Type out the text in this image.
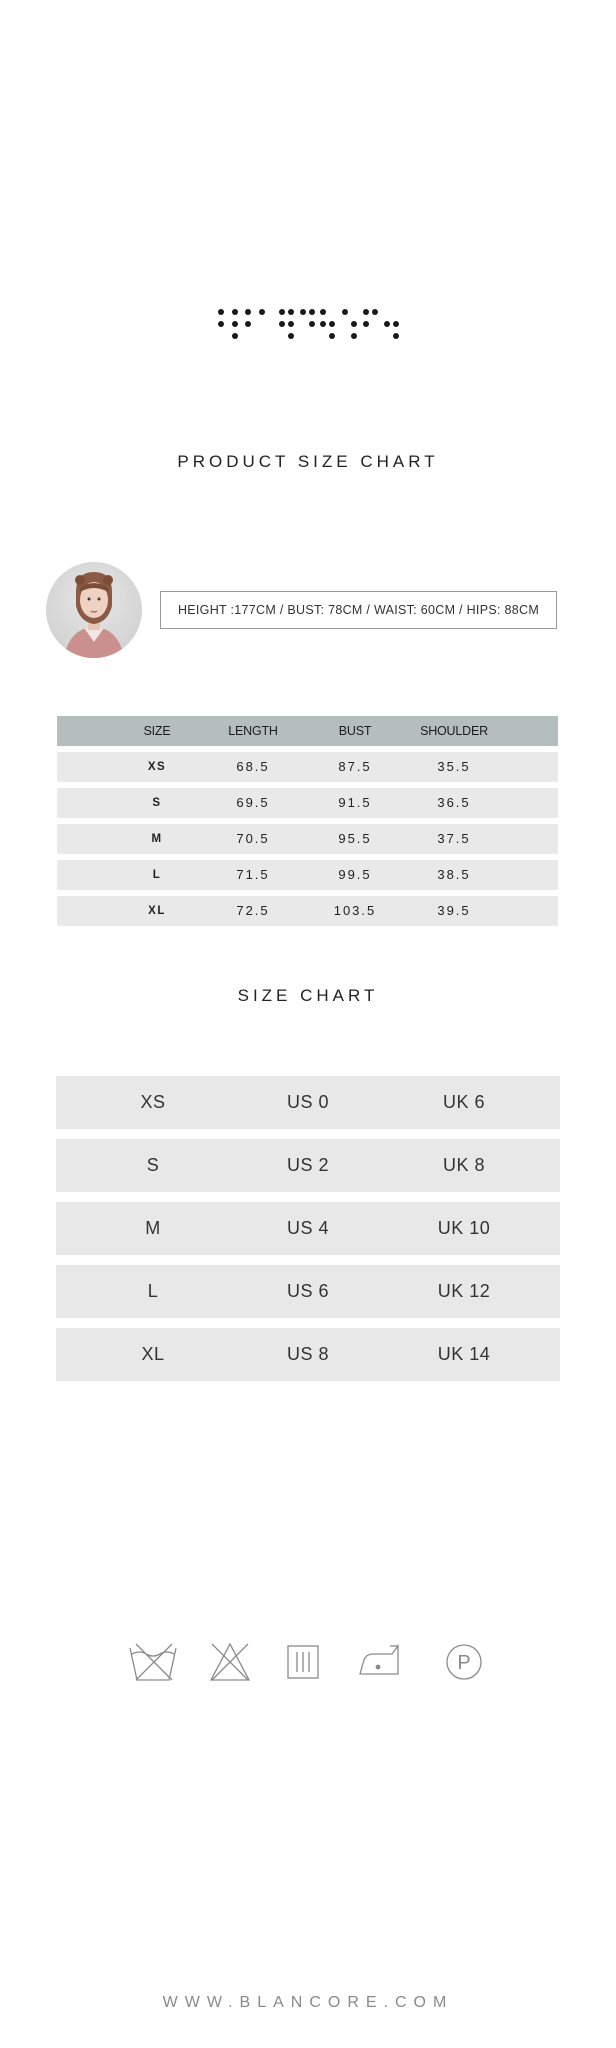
PRODUCT SIZE CHART
HEIGHT :177CM / BUST: 78CM / WAIST: 60CM / HIPS: 88CM
SIZE	LENGTH	BUST	SHOULDER
XS	68.5	87.5	35.5
S	69.5	91.5	36.5
M	70.5	95.5	37.5
L	71.5	99.5	38.5
XL	72.5	103.5	39.5
SIZE CHART
XS	US 0	UK 6
S	US 2	UK 8
M	US 4	UK 10
L	US 6	UK 12
XL	US 8	UK 14
P
WWW.BLANCORE.COM
